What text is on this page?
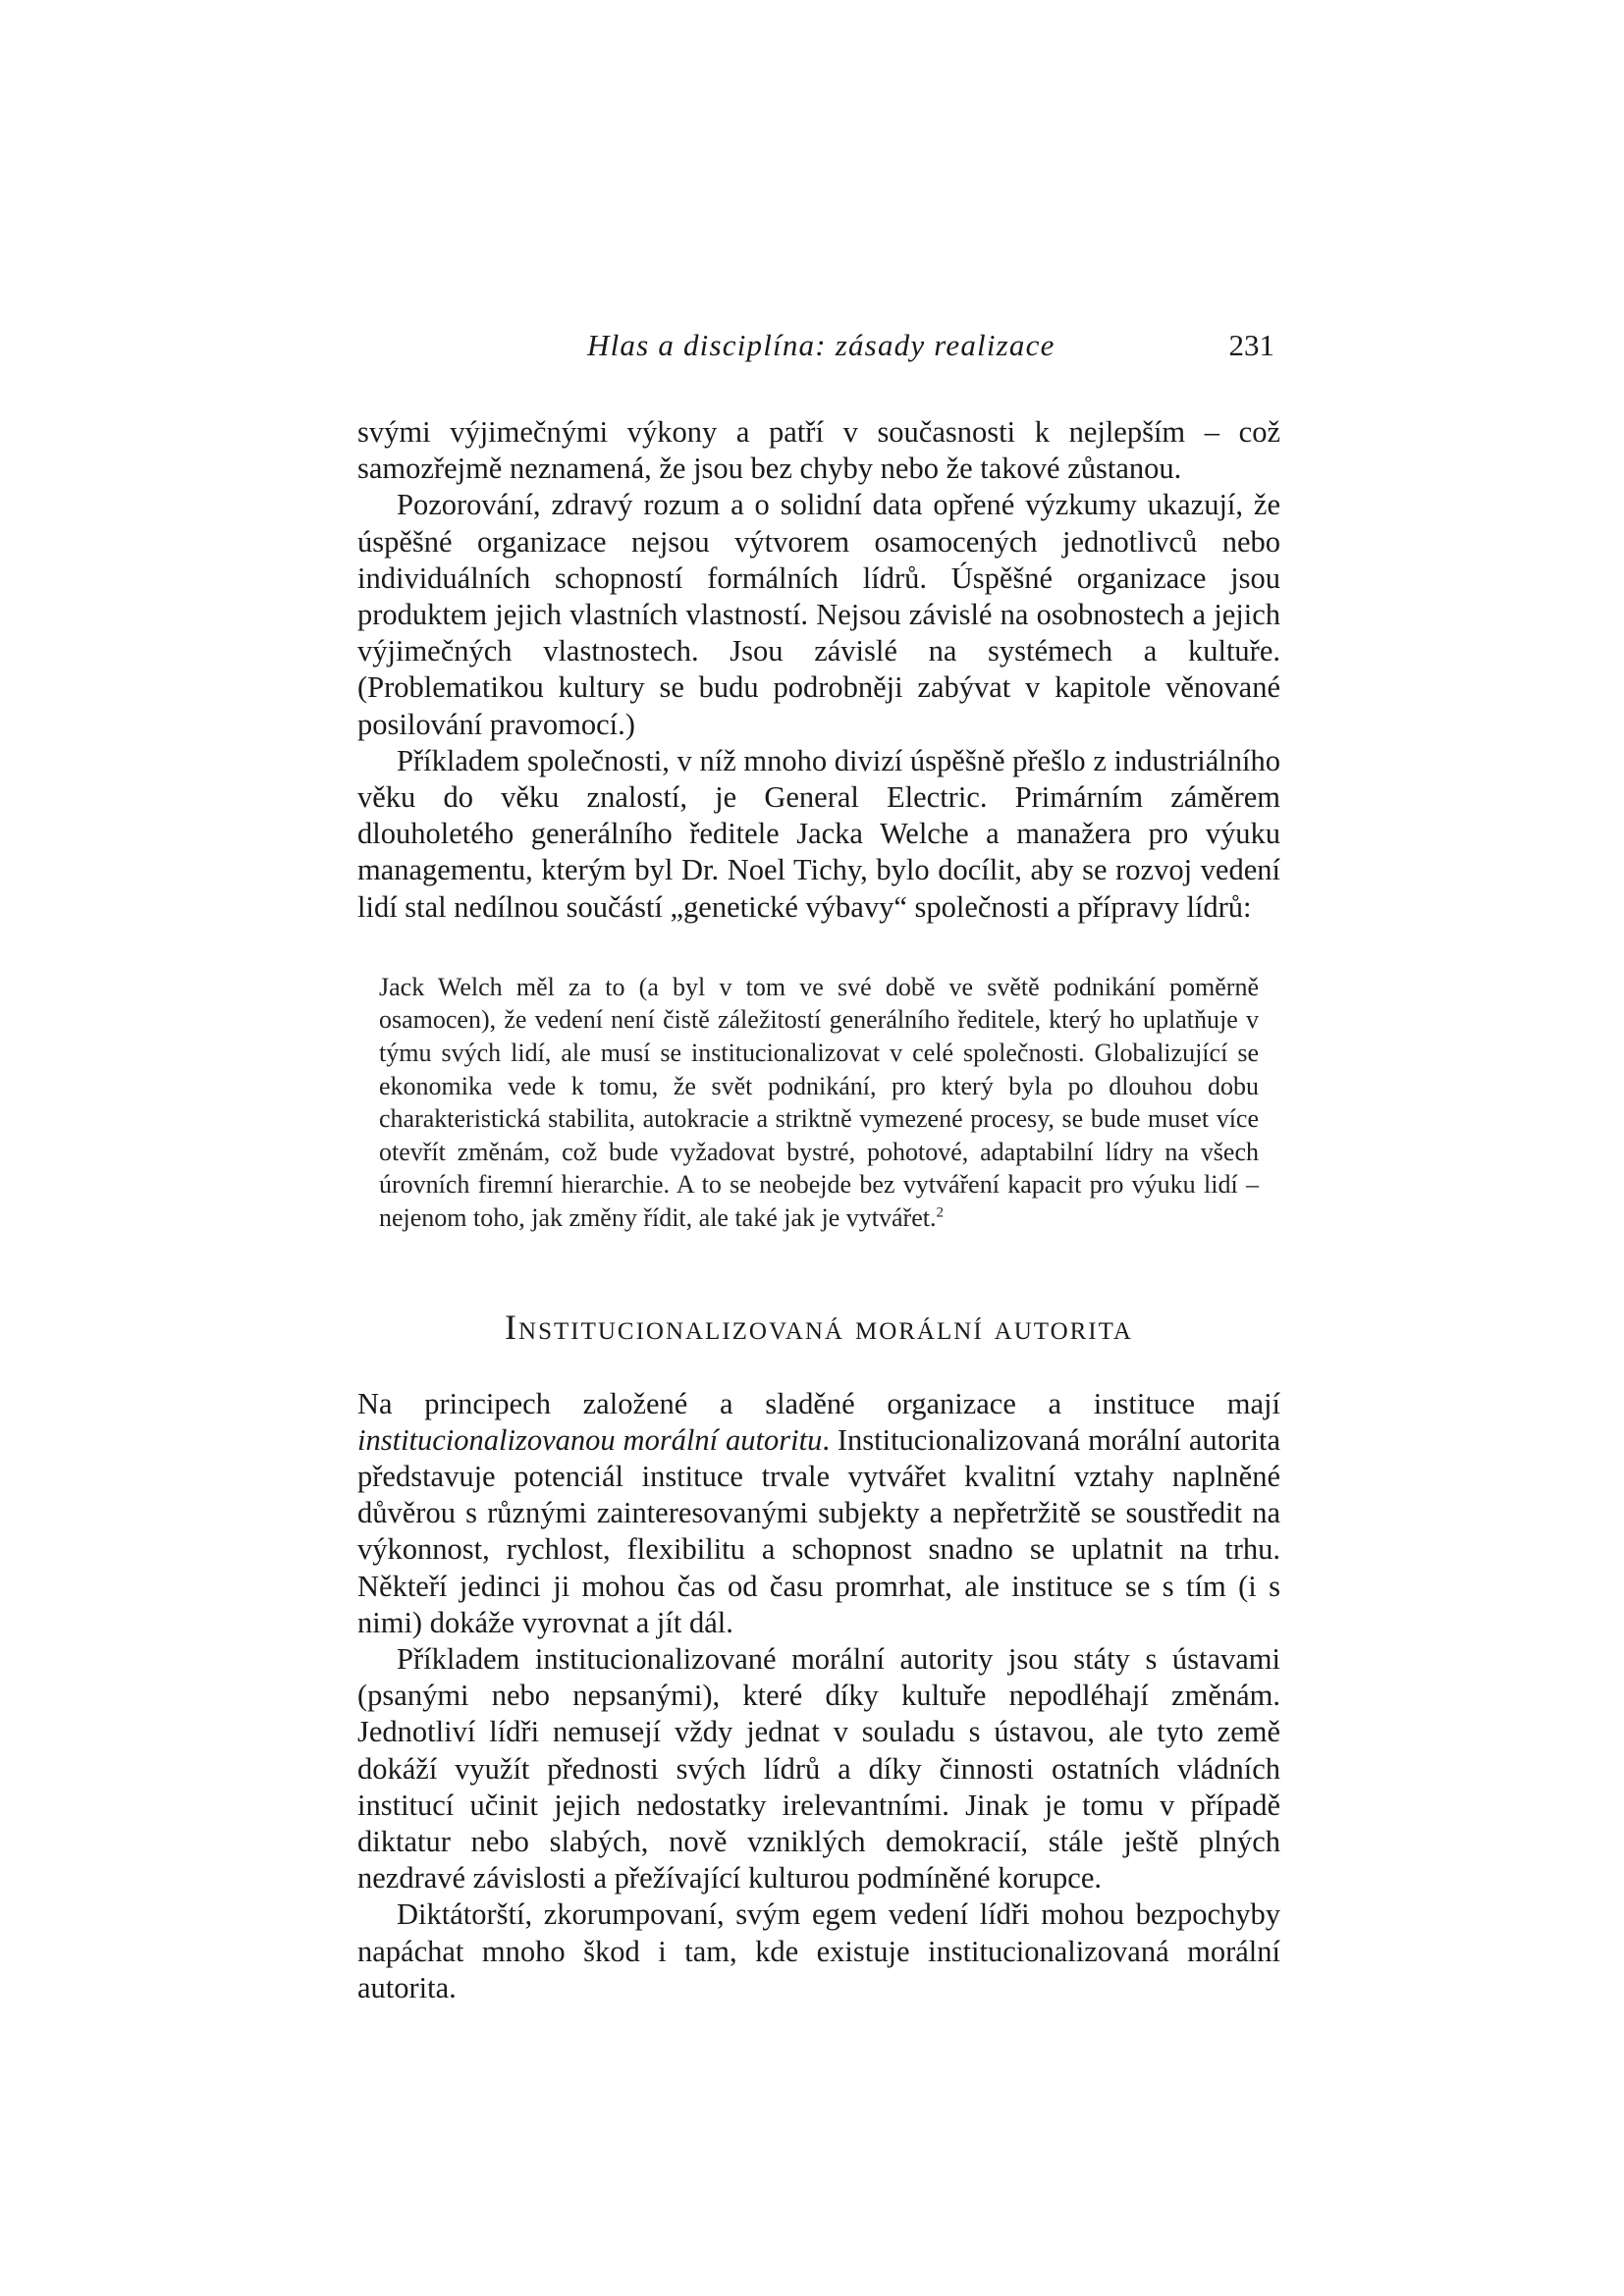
Hlas a disciplína: zásady realizace	231

svými výjimečnými výkony a patří v současnosti k nejlepším – což samozřejmě neznamená, že jsou bez chyby nebo že takové zůstanou.

Pozorování, zdravý rozum a o solidní data opřené výzkumy ukazují, že úspěšné organizace nejsou výtvorem osamocených jednotlivců nebo individuálních schopností formálních lídrů. Úspěšné organizace jsou produktem jejich vlastních vlastností. Nejsou závislé na osobnostech a jejich výjimečných vlastnostech. Jsou závislé na systémech a kultuře. (Problematikou kultury se budu podrobněji zabývat v kapitole věnované posilování pravomocí.)

Příkladem společnosti, v níž mnoho divizí úspěšně přešlo z industriálního věku do věku znalostí, je General Electric. Primárním záměrem dlouholetého generálního ředitele Jacka Welche a manažera pro výuku managementu, kterým byl Dr. Noel Tichy, bylo docílit, aby se rozvoj vedení lidí stal nedílnou součástí „genetické výbavy“ společnosti a přípravy lídrů:

Jack Welch měl za to (a byl v tom ve své době ve světě podnikání poměrně osamocen), že vedení není čistě záležitostí generálního ředitele, který ho uplatňuje v týmu svých lidí, ale musí se institucionalizovat v celé společnosti. Globalizující se ekonomika vede k tomu, že svět podnikání, pro který byla po dlouhou dobu charakteristická stabilita, autokracie a striktně vymezené procesy, se bude muset více otevřít změnám, což bude vyžadovat bystré, pohotové, adaptabilní lídry na všech úrovních firemní hierarchie. A to se neobejde bez vytváření kapacit pro výuku lidí – nejenom toho, jak změny řídit, ale také jak je vytvářet.$^2$
Institucionalizovaná morální autorita

Na principech založené a sladěné organizace a instituce mají institucionalizovanou morální autoritu. Institucionalizovaná morální autorita představuje potenciál instituce trvale vytvářet kvalitní vztahy naplněné důvěrou s různými zainteresovanými subjekty a nepřetržitě se soustředit na výkonnost, rychlost, flexibilitu a schopnost snadno se uplatnit na trhu. Někteří jedinci ji mohou čas od času promrhat, ale instituce se s tím (i s nimi) dokáže vyrovnat a jít dál.

Příkladem institucionalizované morální autority jsou státy s ústavami (psanými nebo nepsanými), které díky kultuře nepodléhají změnám. Jednotliví lídři nemusejí vždy jednat v souladu s ústavou, ale tyto země dokáží využít přednosti svých lídrů a díky činnosti ostatních vládních institucí učinit jejich nedostatky irelevantními. Jinak je tomu v případě diktatur nebo slabých, nově vzniklých demokracií, stále ještě plných nezdravé závislosti a přežívající kulturou podmíněné korupce.

Diktátorští, zkorumpovaní, svým egem vedení lídři mohou bezpochyby napáchat mnoho škod i tam, kde existuje institucionalizovaná morální autorita.
